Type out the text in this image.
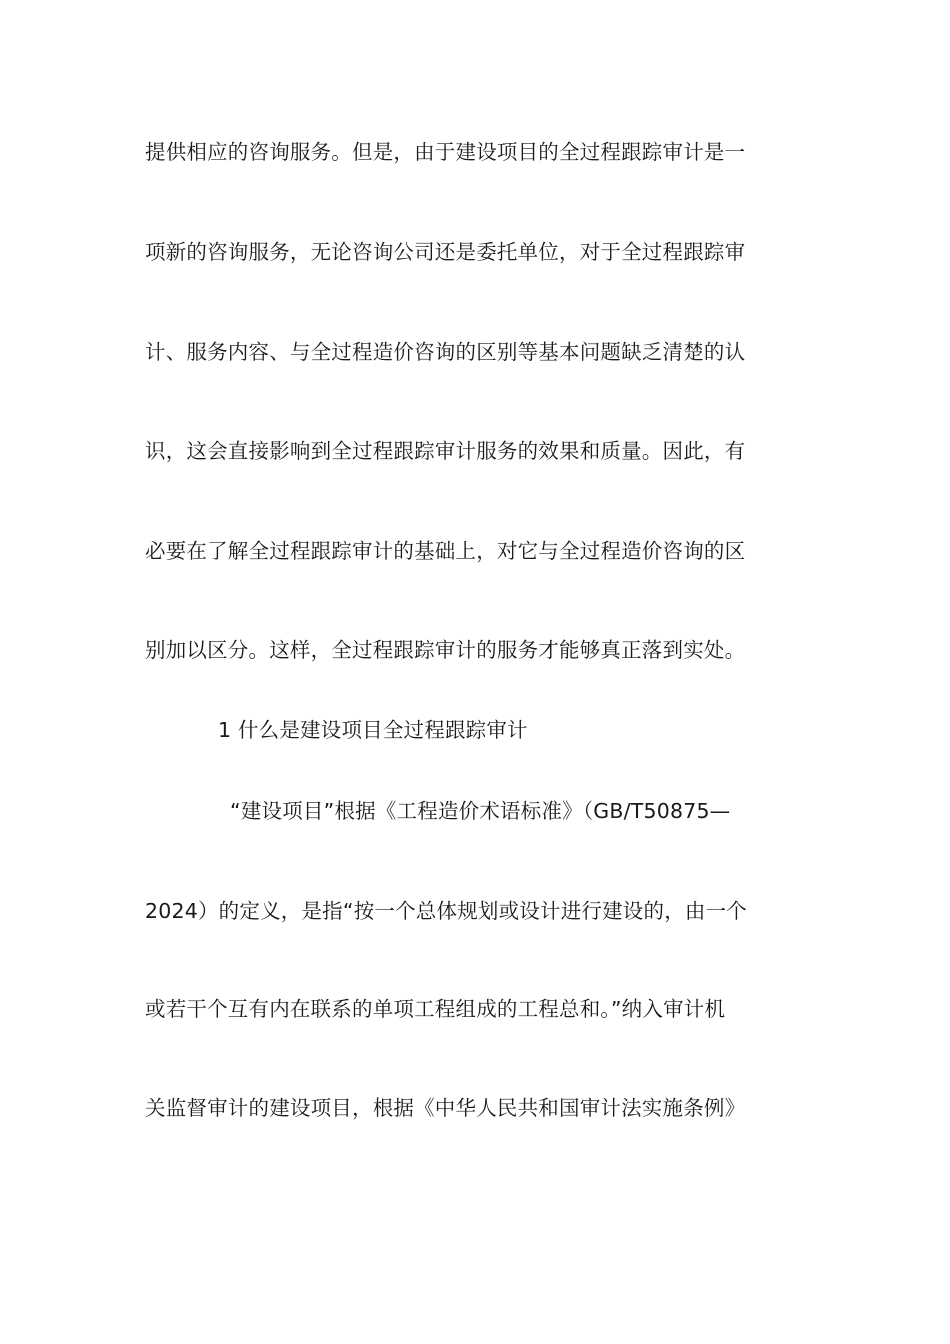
提供相应的咨询服务。但是，由于建设项目的全过程跟踪审计是一
项新的咨询服务，无论咨询公司还是委托单位，对于全过程跟踪审
计、服务内容、与全过程造价咨询的区别等基本问题缺乏清楚的认
识，这会直接影响到全过程跟踪审计服务的效果和质量。因此，有
必要在了解全过程跟踪审计的基础上，对它与全过程造价咨询的区
别加以区分。这样，全过程跟踪审计的服务才能够真正落到实处。
1 什么是建设项目全过程跟踪审计
“建设项目”根据《工程造价术语标准》（GB/T50875—
2024）的定义，是指“按一个总体规划或设计进行建设的，由一个
或若干个互有内在联系的单项工程组成的工程总和。”纳入审计机
关监督审计的建设项目，根据《中华人民共和国审计法实施条例》
